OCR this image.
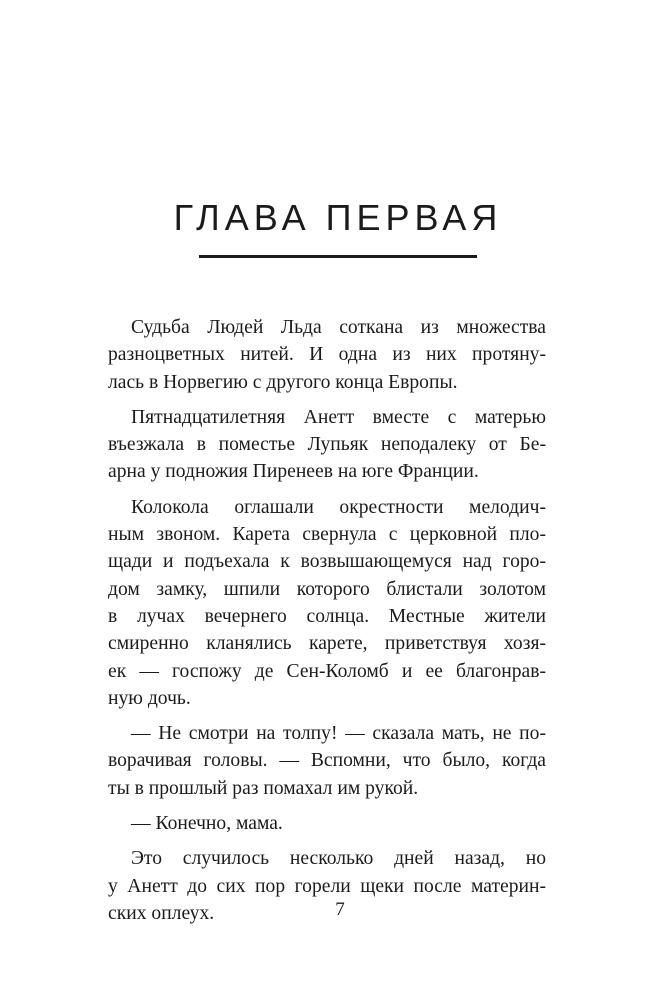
ГЛАВА ПЕРВАЯ

Судьба Людей Льда соткана из множества
разноцветных нитей. И одна из них протяну-
лась в Норвегию с другого конца Европы.

Пятнадцатилетняя Анетт вместе с матерью
въезжала в поместье Лупьяк неподалеку от Бе-
арна у подножия Пиренеев на юге Франции.

Колокола оглашали окрестности мелодич-
ным звоном. Карета свернула с церковной пло-
щади и подъехала к возвышающемуся над горо-
дом замку, шпили которого блистали золотом
в лучах вечернего солнца. Местные жители
смиренно кланялись карете, приветствуя хозя-
ек — госпожу де Сен-Коломб и ее благонрав-
ную дочь.

— Не смотри на толпу! — сказала мать, не по-
ворачивая головы. — Вспомни, что было, когда
ты в прошлый раз помахал им рукой.

— Конечно, мама.

Это случилось несколько дней назад, но
у Анетт до сих пор горели щеки после материн-
ских оплеух.	7
